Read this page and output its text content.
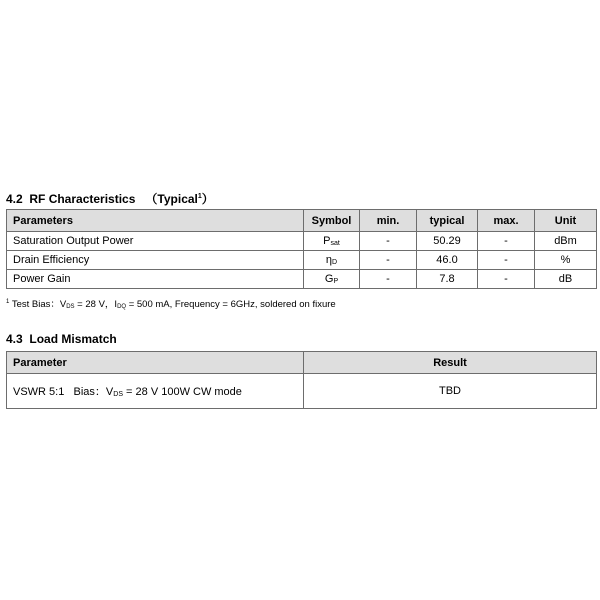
4.2 RF Characteristics （Typical$^1$）
Parameters	Symbol	min.	typical	max.	Unit
Saturation Output Power	$P_{sat}$	-	50.29	-	dBm
Drain Efficiency	$\eta_D$	-	46.0	-	%
Power Gain	$G_P$	-	7.8	-	dB
$^1$ Test Bias：$V_{DS} = 28$ V，$I_{DQ} = 500$ mA, Frequency = 6GHz, soldered on fixure
4.3 Load Mismatch
Parameter	Result
VSWR 5:1   Bias：$V_{DS} = 28$ V 100W CW mode	TBD
